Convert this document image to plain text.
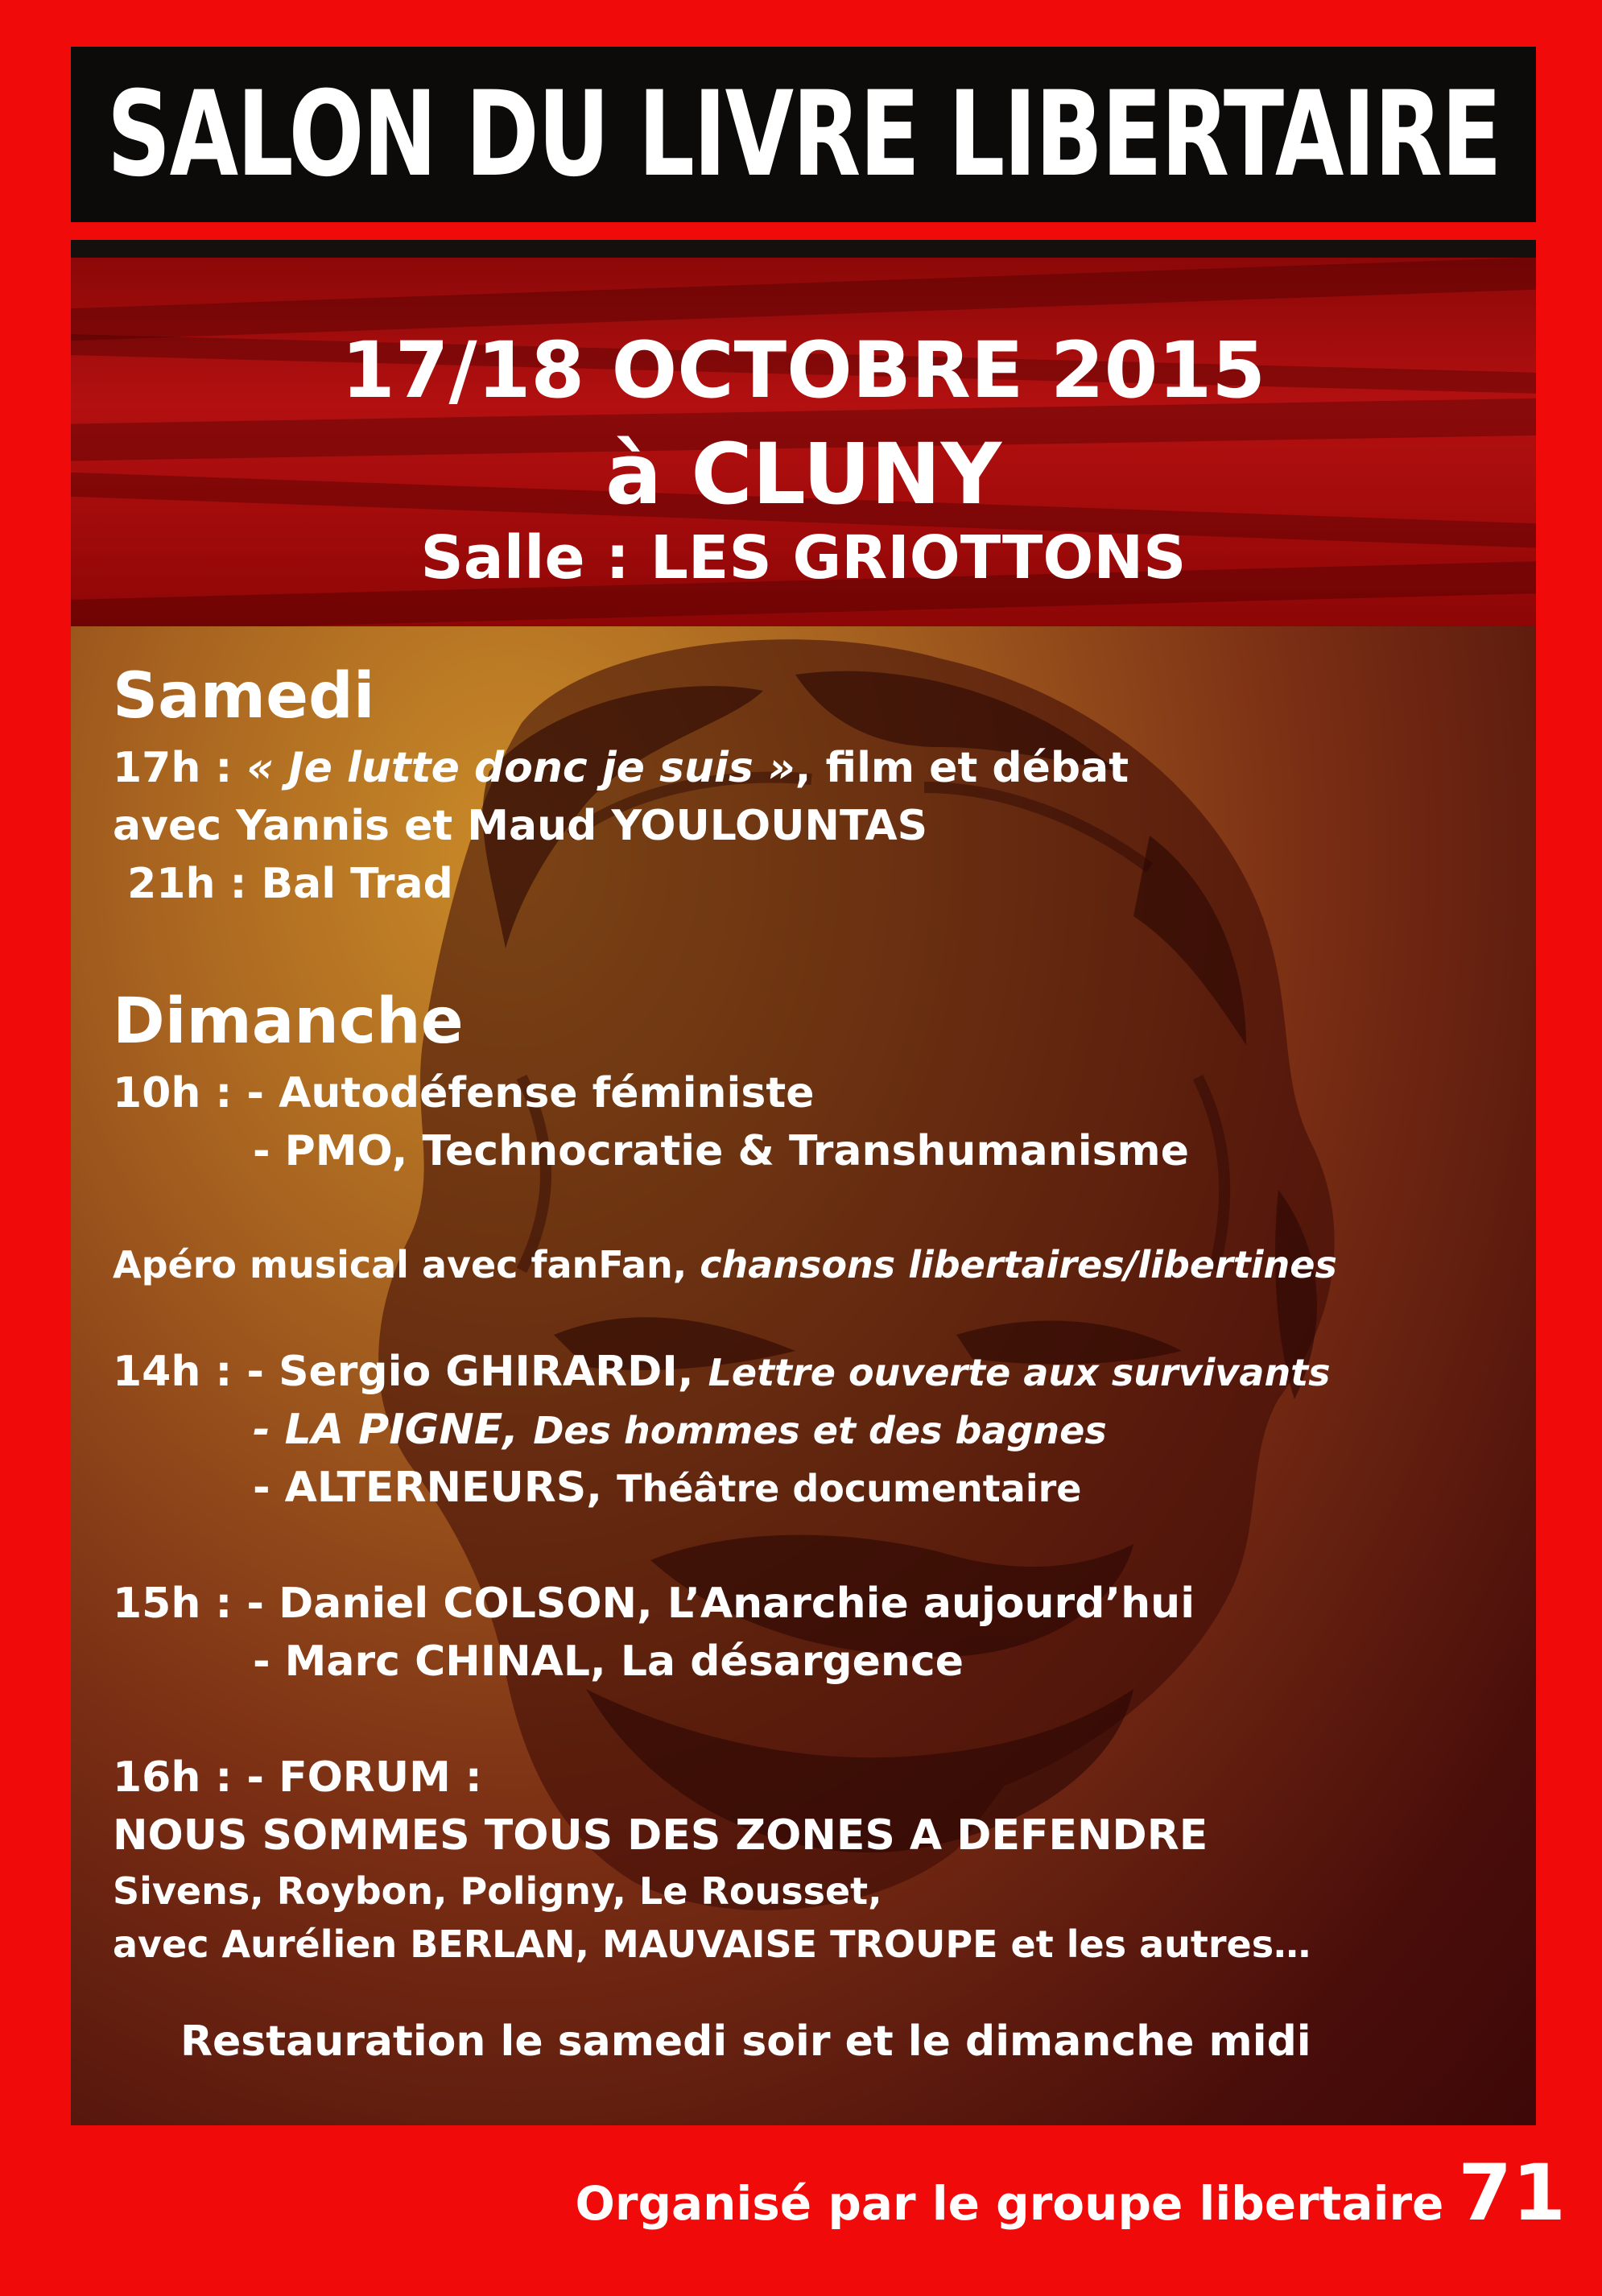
SALON DU LIVRE LIBERTAIRE
17/18 OCTOBRE 2015
à CLUNY
Salle : LES GRIOTTONS
Samedi
17h : « Je lutte donc je suis », film et débat
avec Yannis et Maud YOULOUNTAS
21h : Bal Trad
Dimanche
10h : - Autodéfense féministe
- PMO, Technocratie & Transhumanisme
Apéro musical avec fanFan, chansons libertaires/libertines
14h : - Sergio GHIRARDI, Lettre ouverte aux survivants
- LA PIGNE, Des hommes et des bagnes
- ALTERNEURS, Théâtre documentaire
15h : - Daniel COLSON, L’Anarchie aujourd’hui
- Marc CHINAL, La désargence
16h : - FORUM :
NOUS SOMMES TOUS DES ZONES A DEFENDRE
Sivens, Roybon, Poligny, Le Rousset,
avec Aurélien BERLAN, MAUVAISE TROUPE et les autres…
Restauration le samedi soir et le dimanche midi
Organisé par le groupe libertaire 71
